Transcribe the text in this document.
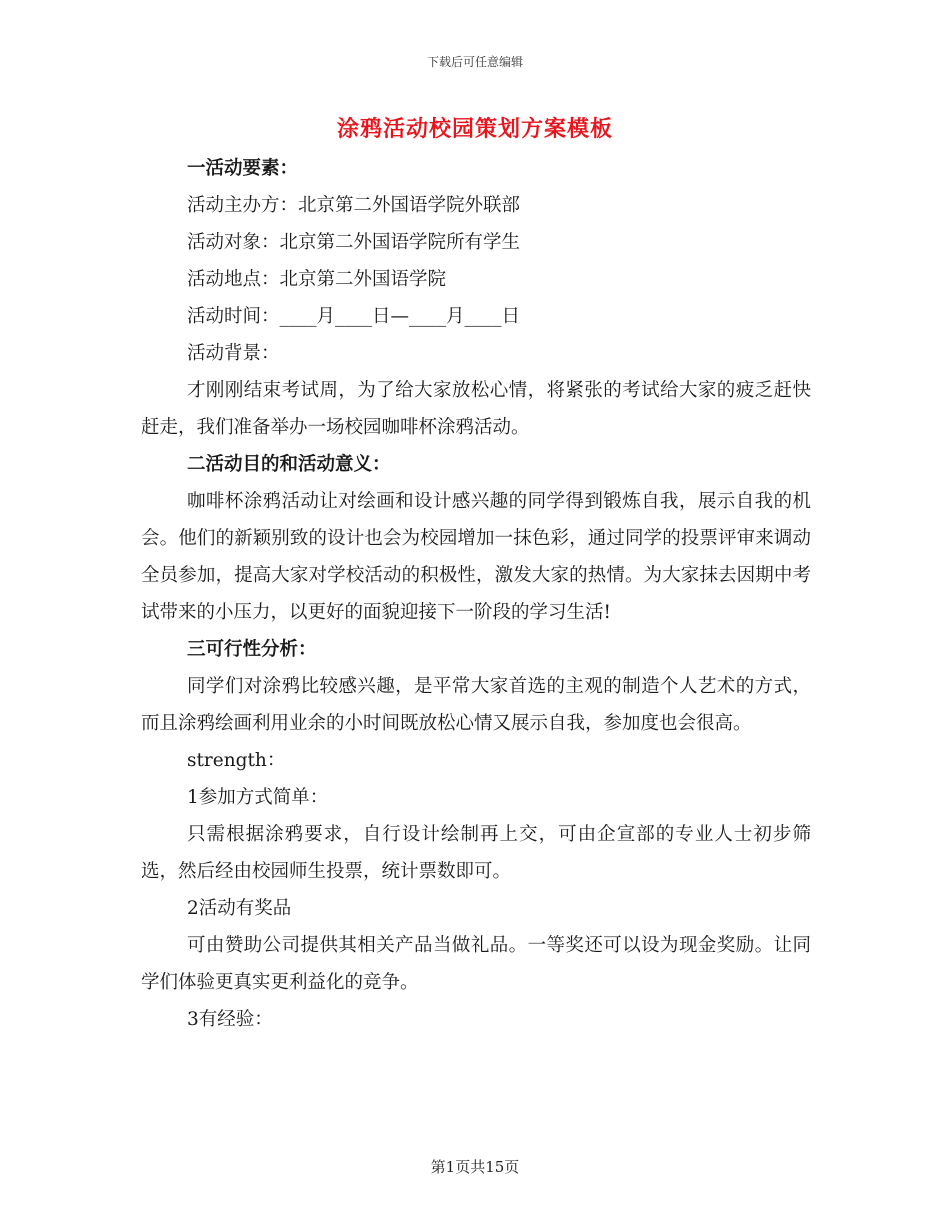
下载后可任意编辑
涂鸦活动校园策划方案模板
一活动要素：
活动主办方：北京第二外国语学院外联部
活动对象：北京第二外国语学院所有学生
活动地点：北京第二外国语学院
活动时间：____月____日—____月____日
活动背景：
才刚刚结束考试周，为了给大家放松心情，将紧张的考试给大家的疲乏赶快赶走，我们准备举办一场校园咖啡杯涂鸦活动。
二活动目的和活动意义：
咖啡杯涂鸦活动让对绘画和设计感兴趣的同学得到锻炼自我，展示自我的机会。他们的新颖别致的设计也会为校园增加一抹色彩，通过同学的投票评审来调动全员参加，提高大家对学校活动的积极性，激发大家的热情。为大家抹去因期中考试带来的小压力，以更好的面貌迎接下一阶段的学习生活!
三可行性分析：
同学们对涂鸦比较感兴趣，是平常大家首选的主观的制造个人艺术的方式，而且涂鸦绘画利用业余的小时间既放松心情又展示自我，参加度也会很高。
strength：
1参加方式简单：
只需根据涂鸦要求，自行设计绘制再上交，可由企宣部的专业人士初步筛选，然后经由校园师生投票，统计票数即可。
2活动有奖品
可由赞助公司提供其相关产品当做礼品。一等奖还可以设为现金奖励。让同学们体验更真实更利益化的竞争。
3有经验：
第1页共15页
